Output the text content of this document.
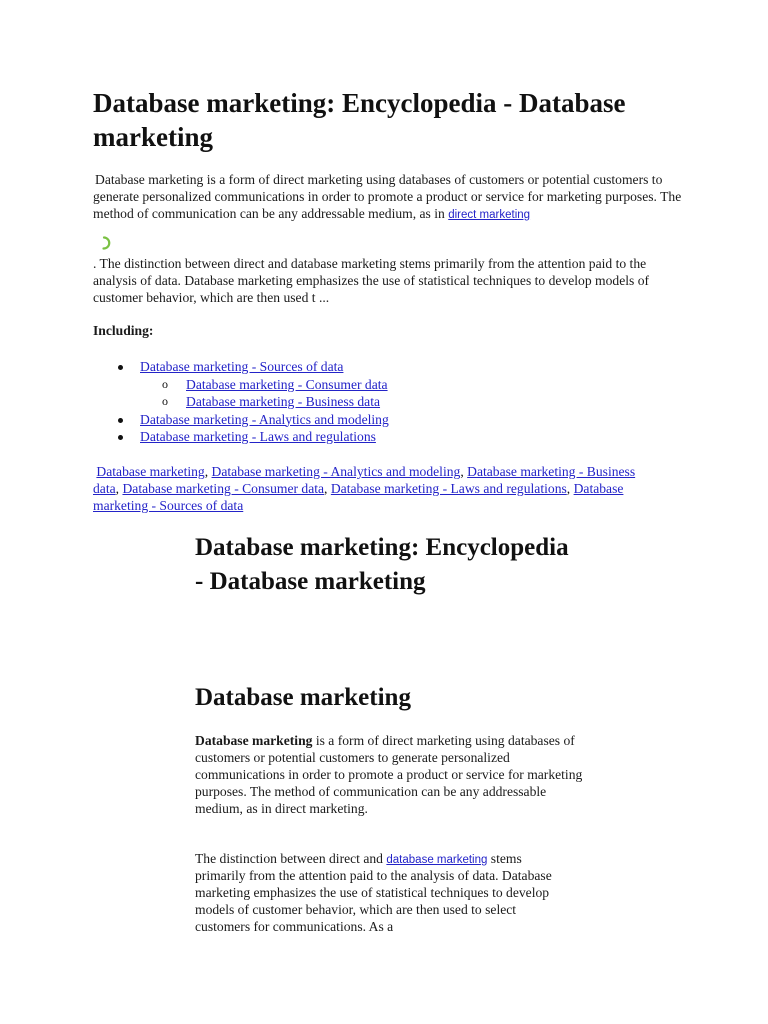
Database marketing: Encyclopedia - Database marketing

Database marketing is a form of direct marketing using databases of customers or potential customers to generate personalized communications in order to promote a product or service for marketing purposes. The method of communication can be any addressable medium, as in direct marketing

. The distinction between direct and database marketing stems primarily from the attention paid to the analysis of data. Database marketing emphasizes the use of statistical techniques to develop models of customer behavior, which are then used t ...

Including:

Database marketing - Sources of data
o Database marketing - Consumer data
o Database marketing - Business data
Database marketing - Analytics and modeling
Database marketing - Laws and regulations

Database marketing, Database marketing - Analytics and modeling, Database marketing - Business data, Database marketing - Consumer data, Database marketing - Laws and regulations, Database marketing - Sources of data

Database marketing: Encyclopedia - Database marketing
Database marketing

Database marketing is a form of direct marketing using databases of customers or potential customers to generate personalized communications in order to promote a product or service for marketing purposes. The method of communication can be any addressable medium, as in direct marketing.

The distinction between direct and database marketing stems primarily from the attention paid to the analysis of data. Database marketing emphasizes the use of statistical techniques to develop models of customer behavior, which are then used to select customers for communications. As a
